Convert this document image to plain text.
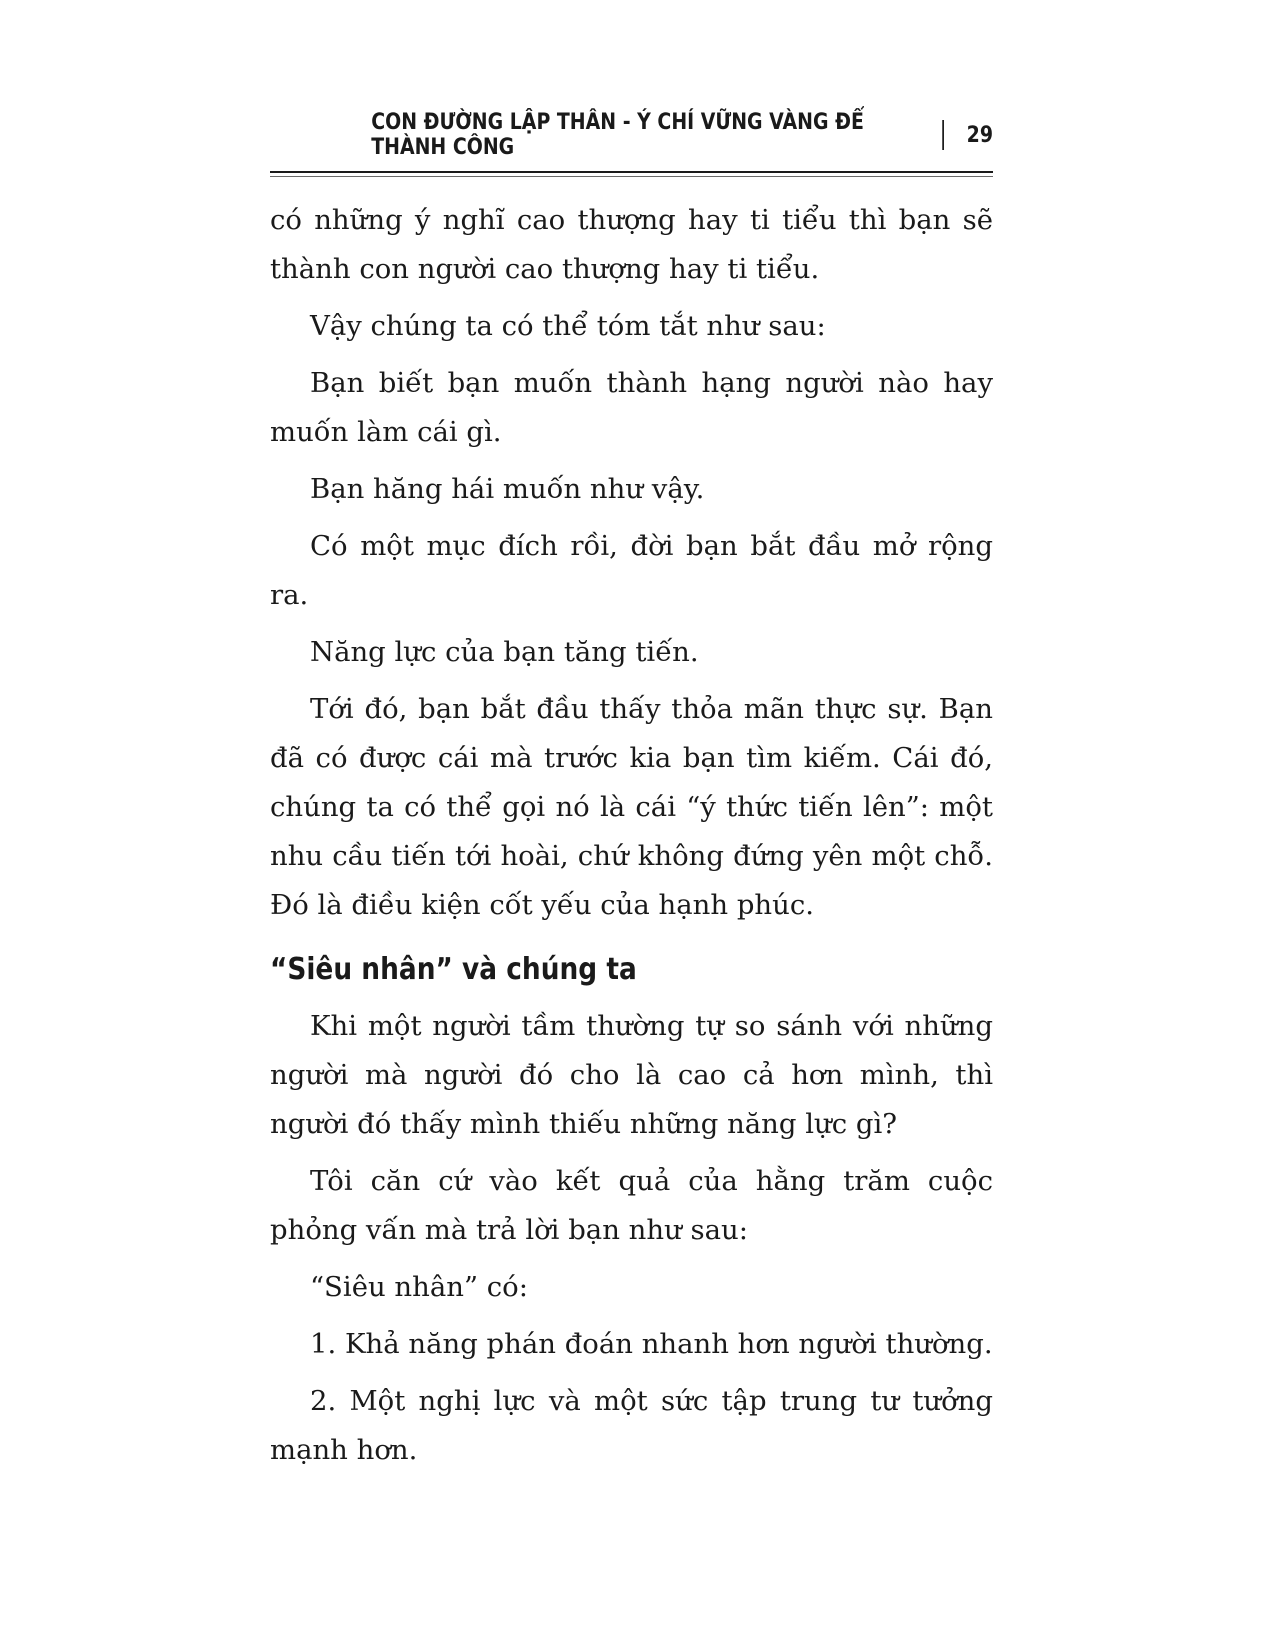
CON ĐƯỜNG LẬP THÂN - Ý CHÍ VỮNG VÀNG ĐỂ THÀNH CÔNG	29

có những ý nghĩ cao thượng hay ti tiểu thì bạn sẽ thành con người cao thượng hay ti tiểu.

Vậy chúng ta có thể tóm tắt như sau:

Bạn biết bạn muốn thành hạng người nào hay muốn làm cái gì.

Bạn hăng hái muốn như vậy.

Có một mục đích rồi, đời bạn bắt đầu mở rộng ra.

Năng lực của bạn tăng tiến.

Tới đó, bạn bắt đầu thấy thỏa mãn thực sự. Bạn đã có được cái mà trước kia bạn tìm kiếm. Cái đó, chúng ta có thể gọi nó là cái “ý thức tiến lên”: một nhu cầu tiến tới hoài, chứ không đứng yên một chỗ. Đó là điều kiện cốt yếu của hạnh phúc.

“Siêu nhân” và chúng ta

Khi một người tầm thường tự so sánh với những người mà người đó cho là cao cả hơn mình, thì người đó thấy mình thiếu những năng lực gì?

Tôi căn cứ vào kết quả của hằng trăm cuộc phỏng vấn mà trả lời bạn như sau:

“Siêu nhân” có:

1. Khả năng phán đoán nhanh hơn người thường.

2. Một nghị lực và một sức tập trung tư tưởng mạnh hơn.
